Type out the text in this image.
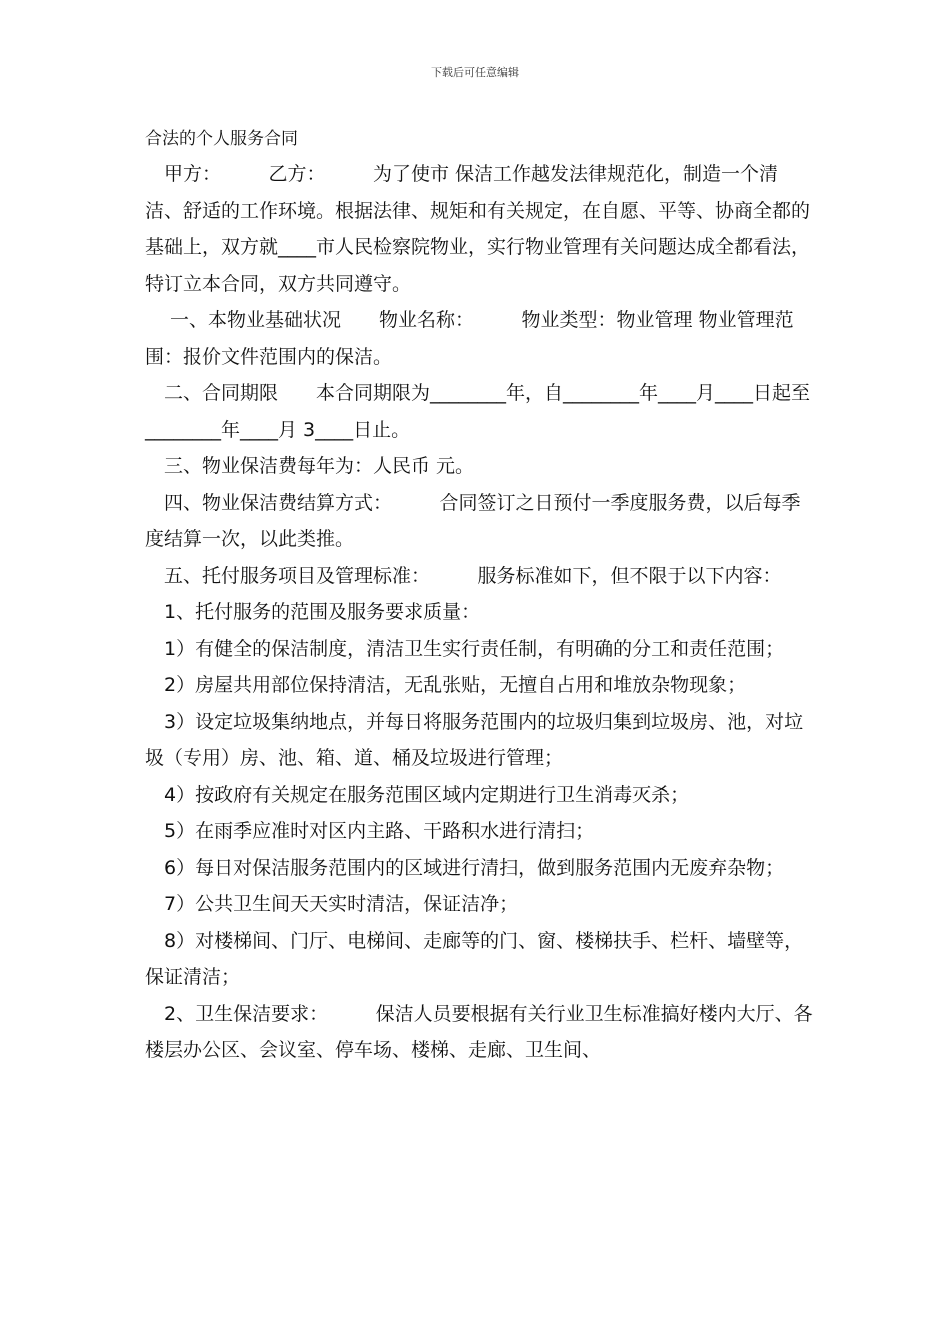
下载后可任意编辑
合法的个人服务合同

　甲方：　　　乙方：　　　为了使市 保洁工作越发法律规范化，制造一个清洁、舒适的工作环境。根据法律、规矩和有关规定，在自愿、平等、协商全都的基础上，双方就____市人民检察院物业，实行物业管理有关问题达成全都看法，特订立本合同，双方共同遵守。

　 一、本物业基础状况　　物业名称：　　　物业类型：物业管理 物业管理范围：报价文件范围内的保洁。

　二、合同期限　　本合同期限为________年，自________年____月____日起至________年____月 3____日止。

　三、物业保洁费每年为：人民币 元。

　四、物业保洁费结算方式：　　　合同签订之日预付一季度服务费，以后每季度结算一次，以此类推。

　五、托付服务项目及管理标准：　　　服务标准如下，但不限于以下内容：

　1、托付服务的范围及服务要求质量：

　1）有健全的保洁制度，清洁卫生实行责任制，有明确的分工和责任范围；

　2）房屋共用部位保持清洁，无乱张贴，无擅自占用和堆放杂物现象；

　3）设定垃圾集纳地点，并每日将服务范围内的垃圾归集到垃圾房、池，对垃圾（专用）房、池、箱、道、桶及垃圾进行管理；

　4）按政府有关规定在服务范围区域内定期进行卫生消毒灭杀；

　5）在雨季应准时对区内主路、干路积水进行清扫；

　6）每日对保洁服务范围内的区域进行清扫，做到服务范围内无废弃杂物；

　7）公共卫生间天天实时清洁，保证洁净；

　8）对楼梯间、门厅、电梯间、走廊等的门、窗、楼梯扶手、栏杆、墙壁等，保证清洁；

　2、卫生保洁要求：　　　保洁人员要根据有关行业卫生标准搞好楼内大厅、各楼层办公区、会议室、停车场、楼梯、走廊、卫生间、
